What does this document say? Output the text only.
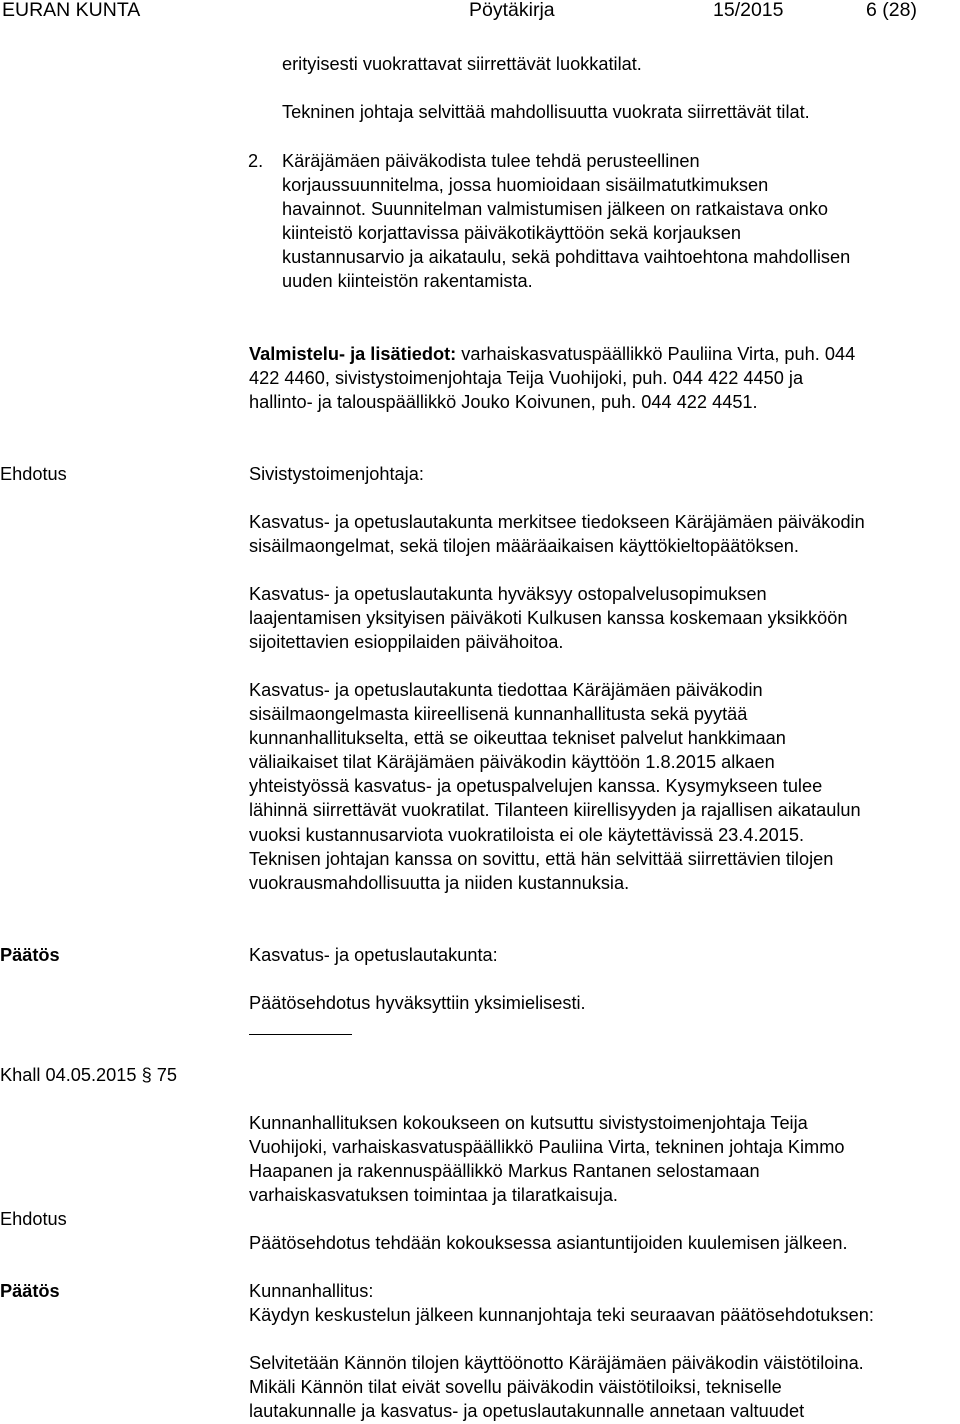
EURAN KUNTA	Pöytäkirja	15/2015	6 (28)
erityisesti vuokrattavat siirrettävät luokkatilat.
Tekninen johtaja selvittää mahdollisuutta vuokrata siirrettävät tilat.
2. Käräjämäen päiväkodista tulee tehdä perusteellinen
korjaussuunnitelma, jossa huomioidaan sisäilmatutkimuksen
havainnot. Suunnitelman valmistumisen jälkeen on ratkaistava onko
kiinteistö korjattavissa päiväkotikäyttöön sekä korjauksen
kustannusarvio ja aikataulu, sekä pohdittava vaihtoehtona mahdollisen
uuden kiinteistön rakentamista.
Valmistelu- ja lisätiedot: varhaiskasvatuspäällikkö Pauliina Virta, puh. 044
422 4460, sivistystoimenjohtaja Teija Vuohijoki, puh. 044 422 4450 ja
hallinto- ja talouspäällikkö Jouko Koivunen, puh. 044 422 4451.
Ehdotus	Sivistystoimenjohtaja:
Kasvatus- ja opetuslautakunta merkitsee tiedokseen Käräjämäen päiväkodin
sisäilmaongelmat, sekä tilojen määräaikaisen käyttökieltopäätöksen.
Kasvatus- ja opetuslautakunta hyväksyy ostopalvelusopimuksen
laajentamisen yksityisen päiväkoti Kulkusen kanssa koskemaan yksikköön
sijoitettavien esioppilaiden päivähoitoa.
Kasvatus- ja opetuslautakunta tiedottaa Käräjämäen päiväkodin
sisäilmaongelmasta kiireellisenä kunnanhallitusta sekä pyytää
kunnanhallitukselta, että se oikeuttaa tekniset palvelut hankkimaan
väliaikaiset tilat Käräjämäen päiväkodin käyttöön 1.8.2015 alkaen
yhteistyössä kasvatus- ja opetuspalvelujen kanssa. Kysymykseen tulee
lähinnä siirrettävät vuokratilat. Tilanteen kiirellisyyden ja rajallisen aikataulun
vuoksi kustannusarviota vuokratiloista ei ole käytettävissä 23.4.2015.
Teknisen johtajan kanssa on sovittu, että hän selvittää siirrettävien tilojen
vuokrausmahdollisuutta ja niiden kustannuksia.
Päätös	Kasvatus- ja opetuslautakunta:
Päätösehdotus hyväksyttiin yksimielisesti.
Khall 04.05.2015 § 75
Kunnanhallituksen kokoukseen on kutsuttu sivistystoimenjohtaja Teija
Vuohijoki, varhaiskasvatuspäällikkö Pauliina Virta, tekninen johtaja Kimmo
Haapanen ja rakennuspäällikkö Markus Rantanen selostamaan
varhaiskasvatuksen toimintaa ja tilaratkaisuja.
Ehdotus
Päätösehdotus tehdään kokouksessa asiantuntijoiden kuulemisen jälkeen.
Päätös	Kunnanhallitus:
Käydyn keskustelun jälkeen kunnanjohtaja teki seuraavan päätösehdotuksen:
Selvitetään Kännön tilojen käyttöönotto Käräjämäen päiväkodin väistötiloina.
Mikäli Kännön tilat eivät sovellu päiväkodin väistötiloiksi, tekniselle
lautakunnalle ja kasvatus- ja opetuslautakunnalle annetaan valtuudet
